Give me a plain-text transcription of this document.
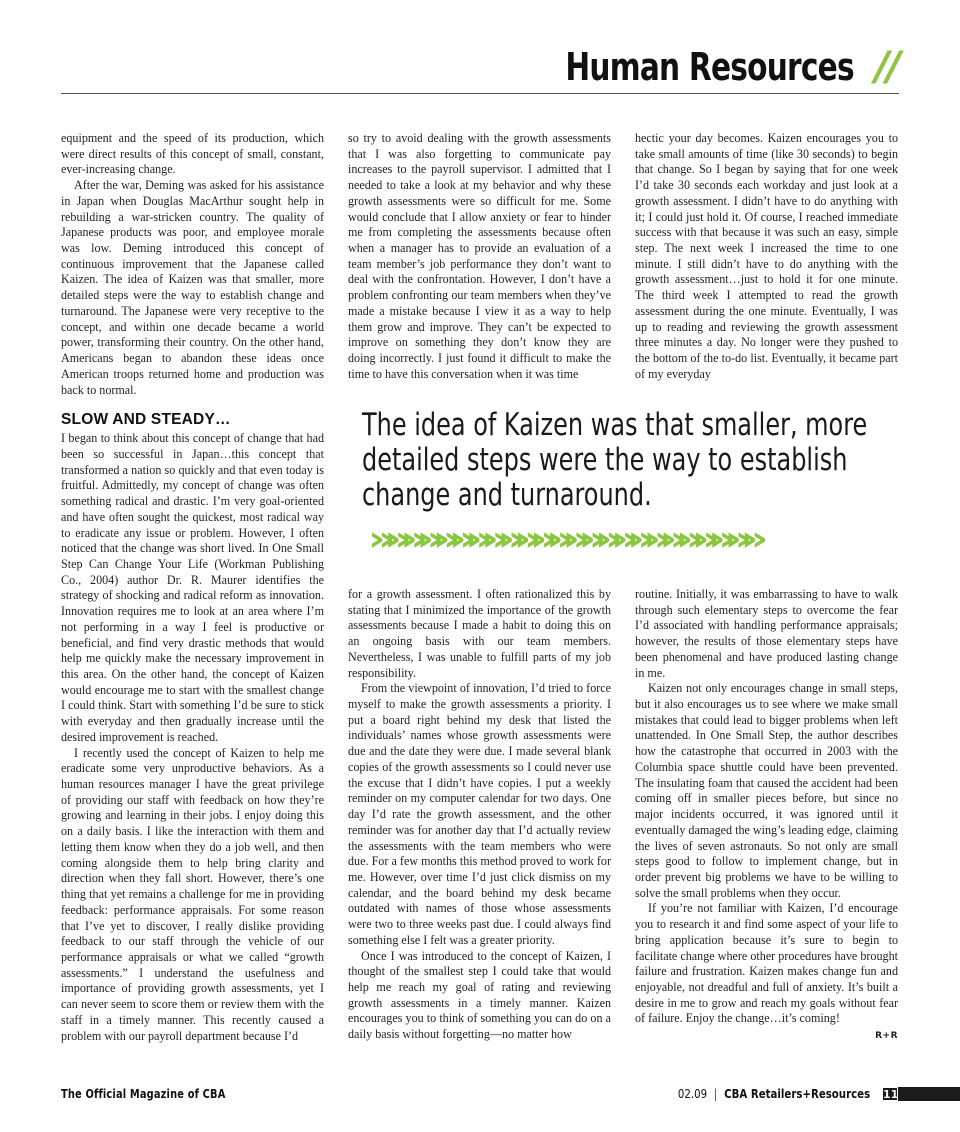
Human Resources //

equipment and the speed of its production, which were direct results of this concept of small, constant, ever-increasing change.

After the war, Deming was asked for his assistance in Japan when Douglas MacArthur sought help in rebuilding a war-stricken country. The quality of Japanese products was poor, and employee morale was low. Deming introduced this concept of continuous improvement that the Japanese called Kaizen. The idea of Kaizen was that smaller, more detailed steps were the way to establish change and turnaround. The Japanese were very receptive to the concept, and within one decade became a world power, transforming their country. On the other hand, Americans began to abandon these ideas once American troops returned home and production was back to normal.

SLOW AND STEADY…

I began to think about this concept of change that had been so successful in Japan…this concept that transformed a nation so quickly and that even today is fruitful. Admittedly, my concept of change was often something radical and drastic. I’m very goal-oriented and have often sought the quickest, most radical way to eradicate any issue or problem. However, I often noticed that the change was short lived. In One Small Step Can Change Your Life (Workman Publishing Co., 2004) author Dr. R. Maurer identifies the strategy of shocking and radical reform as innovation. Innovation requires me to look at an area where I’m not performing in a way I feel is productive or beneficial, and find very drastic methods that would help me quickly make the necessary improvement in this area. On the other hand, the concept of Kaizen would encourage me to start with the smallest change I could think. Start with something I’d be sure to stick with everyday and then gradually increase until the desired improvement is reached.

I recently used the concept of Kaizen to help me eradicate some very unproductive behaviors. As a human resources manager I have the great privilege of providing our staff with feedback on how they’re growing and learning in their jobs. I enjoy doing this on a daily basis. I like the interaction with them and letting them know when they do a job well, and then coming alongside them to help bring clarity and direction when they fall short. However, there’s one thing that yet remains a challenge for me in providing feedback: performance appraisals. For some reason that I’ve yet to discover, I really dislike providing feedback to our staff through the vehicle of our performance appraisals or what we called “growth assessments.” I understand the usefulness and importance of providing growth assessments, yet I can never seem to score them or review them with the staff in a timely manner. This recently caused a problem with our payroll department because I’d

so try to avoid dealing with the growth assessments that I was also forgetting to communicate pay increases to the payroll supervisor. I admitted that I needed to take a look at my behavior and why these growth assessments were so difficult for me. Some would conclude that I allow anxiety or fear to hinder me from completing the assessments because often when a manager has to provide an evaluation of a team member’s job performance they don’t want to deal with the confrontation. However, I don’t have a problem confronting our team members when they’ve made a mistake because I view it as a way to help them grow and improve. They can’t be expected to improve on something they don’t know they are doing incorrectly. I just found it difficult to make the time to have this conversation when it was time

hectic your day becomes. Kaizen encourages you to take small amounts of time (like 30 seconds) to begin that change. So I began by saying that for one week I’d take 30 seconds each workday and just look at a growth assessment. I didn’t have to do anything with it; I could just hold it. Of course, I reached immediate success with that because it was such an easy, simple step. The next week I increased the time to one minute. I still didn’t have to do anything with the growth assessment…just to hold it for one minute. The third week I attempted to read the growth assessment during the one minute. Eventually, I was up to reading and reviewing the growth assessment three minutes a day. No longer were they pushed to the bottom of the to-do list. Eventually, it became part of my everyday

The idea of Kaizen was that smaller, more
detailed steps were the way to establish
change and turnaround.
»»»»»»»»»»»»»»»»»»»»»»»»

for a growth assessment. I often rationalized this by stating that I minimized the importance of the growth assessments because I made a habit to doing this on an ongoing basis with our team members. Nevertheless, I was unable to fulfill parts of my job responsibility.

From the viewpoint of innovation, I’d tried to force myself to make the growth assessments a priority. I put a board right behind my desk that listed the individuals’ names whose growth assessments were due and the date they were due. I made several blank copies of the growth assessments so I could never use the excuse that I didn’t have copies. I put a weekly reminder on my computer calendar for two days. One day I’d rate the growth assessment, and the other reminder was for another day that I’d actually review the assessments with the team members who were due. For a few months this method proved to work for me. However, over time I’d just click dismiss on my calendar, and the board behind my desk became outdated with names of those whose assessments were two to three weeks past due. I could always find something else I felt was a greater priority.

Once I was introduced to the concept of Kaizen, I thought of the smallest step I could take that would help me reach my goal of rating and reviewing growth assessments in a timely manner. Kaizen encourages you to think of something you can do on a daily basis without forgetting—no matter how

routine. Initially, it was embarrassing to have to walk through such elementary steps to overcome the fear I’d associated with handling performance appraisals; however, the results of those elementary steps have been phenomenal and have produced lasting change in me.

Kaizen not only encourages change in small steps, but it also encourages us to see where we make small mistakes that could lead to bigger problems when left unattended. In One Small Step, the author describes how the catastrophe that occurred in 2003 with the Columbia space shuttle could have been prevented. The insulating foam that caused the accident had been coming off in smaller pieces before, but since no major incidents occurred, it was ignored until it eventually damaged the wing’s leading edge, claiming the lives of seven astronauts. So not only are small steps good to follow to implement change, but in order prevent big problems we have to be willing to solve the small problems when they occur.

If you’re not familiar with Kaizen, I’d encourage you to research it and find some aspect of your life to bring application because it’s sure to begin to facilitate change where other procedures have brought failure and frustration. Kaizen makes change fun and enjoyable, not dreadful and full of anxiety. It’s built a desire in me to grow and reach my goals without fear of failure. Enjoy the change…it’s coming!

R+R

The Official Magazine of CBA	02.09 | CBA Retailers+Resources 11
